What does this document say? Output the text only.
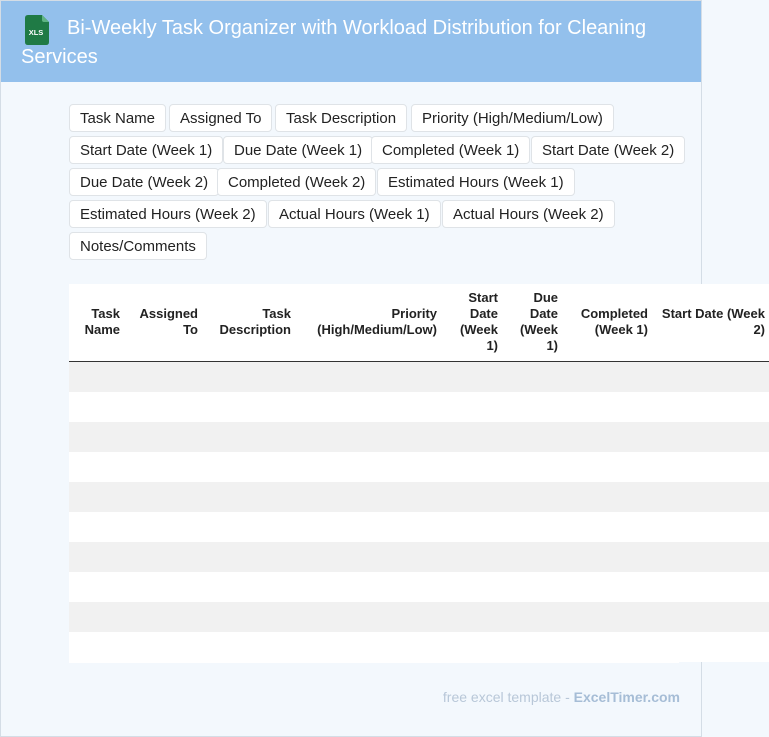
XLS	Bi-Weekly Task Organizer with Workload Distribution for Cleaning Services
Task Name	Assigned To	Task Description	Priority (High/Medium/Low)
Start Date (Week 1)	Due Date (Week 1)	Completed (Week 1)	Start Date (Week 2)
Due Date (Week 2)	Completed (Week 2)	Estimated Hours (Week 1)
Estimated Hours (Week 2)	Actual Hours (Week 1)	Actual Hours (Week 2)
Notes/Comments
Task Name	Assigned To	Task Description	Priority (High/Medium/Low)	Start Date (Week 1)	Due Date (Week 1)	Completed (Week 1)	Start Date (Week 2)

free excel template - ExcelTimer.com
